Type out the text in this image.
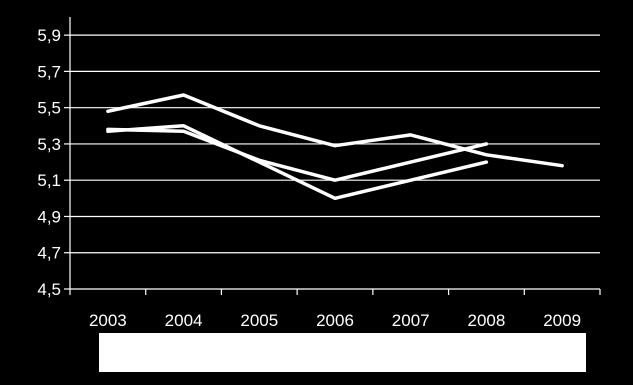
4,5
4,7
4,9
5,1
5,3
5,5
5,7
5,9
2003 2004 2005 2006 2007 2008 2009
